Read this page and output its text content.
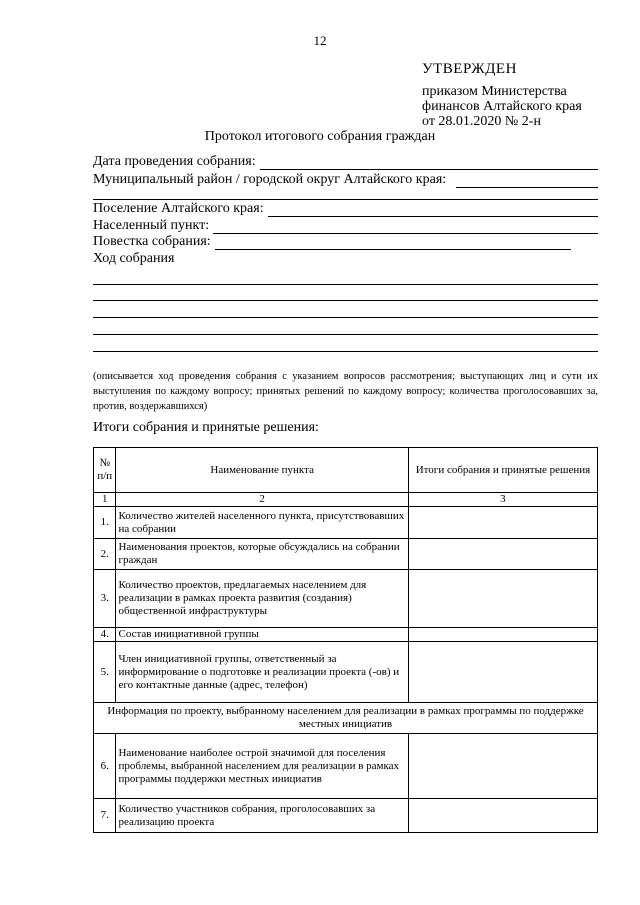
12
УТВЕРЖДЕН
приказом Министерства
финансов Алтайского края
от 28.01.2020 № 2-н
Протокол итогового собрания граждан
Дата проведения собрания:
Муниципальный район / городской округ Алтайского края:
Поселение Алтайского края:
Населенный пункт:
Повестка собрания:
Ход собрания
(описывается ход проведения собрания с указанием вопросов рассмотрения; выступающих лиц и сути их выступления по каждому вопросу; принятых решений по каждому вопросу; количества проголосовавших за, против, воздержавшихся)
Итоги собрания и принятые решения:
№ п/п	Наименование пункта	Итоги собрания и принятые решения
1	2	3
1.	Количество жителей населенного пункта, присутствовавших на собрании	
2.	Наименования проектов, которые обсуждались на собрании граждан	
3.	Количество проектов, предлагаемых населением для реализации в рамках проекта развития (создания) общественной инфраструктуры	
4.	Состав инициативной группы	
5.	Член инициативной группы, ответственный за информирование о подготовке и реализации проекта (-ов) и его контактные данные (адрес, телефон)	
Информация по проекту, выбранному населением для реализации в рамках программы по поддержке местных инициатив		
6.	Наименование наиболее острой значимой для поселения проблемы, выбранной населением для реализации в рамках программы поддержки местных инициатив	
7.	Количество участников собрания, проголосовавших за реализацию проекта	
